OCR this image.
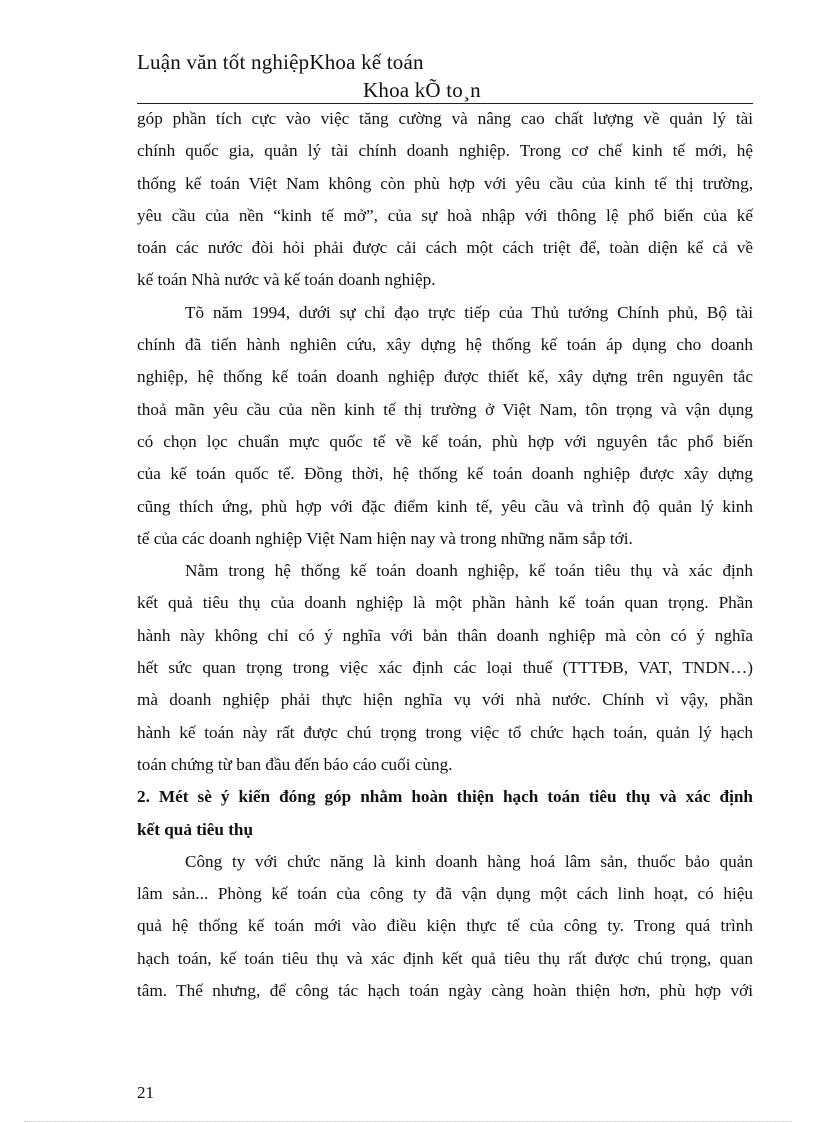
Luận văn tốt nghiệpKhoa kế toán
Khoa kÕ to¸n
góp phần tích cực vào việc tăng cường và nâng cao chất lượng về quản lý tài
chính quốc gia, quản lý tài chính doanh nghiệp. Trong cơ chế kinh tế mới, hệ
thống kế toán Việt Nam không còn phù hợp với yêu cầu của kinh tế thị trường,
yêu cầu của nền “kinh tế mở”, của sự hoà nhập với thông lệ phổ biến của kế
toán các nước đòi hỏi phải được cải cách một cách triệt để, toàn diện kể cả về
kế toán Nhà nước và kế toán doanh nghiệp.
Tõ năm 1994, dưới sự chỉ đạo trực tiếp của Thủ tướng Chính phủ, Bộ tài
chính đã tiến hành nghiên cứu, xây dựng hệ thống kế toán áp dụng cho doanh
nghiệp, hệ thống kế toán doanh nghiệp được thiết kế, xây dựng trên nguyên tắc
thoả mãn yêu cầu của nền kinh tế thị trường ở Việt Nam, tôn trọng và vận dụng
có chọn lọc chuẩn mực quốc tế về kế toán, phù hợp với nguyên tắc phổ biến
của kế toán quốc tế. Đồng thời, hệ thống kế toán doanh nghiệp được xây dựng
cũng thích ứng, phù hợp với đặc điểm kinh tế, yêu cầu và trình độ quản lý kinh
tế của các doanh nghiệp Việt Nam hiện nay và trong những năm sắp tới.
Nằm trong hệ thống kế toán doanh nghiệp, kế toán tiêu thụ và xác định
kết quả tiêu thụ của doanh nghiệp là một phần hành kế toán quan trọng. Phần
hành này không chỉ có ý nghĩa với bản thân doanh nghiệp mà còn có ý nghĩa
hết sức quan trọng trong việc xác định các loại thuế (TTTĐB, VAT, TNDN…)
mà doanh nghiệp phải thực hiện nghĩa vụ với nhà nước. Chính vì vậy, phần
hành kế toán này rất được chú trọng trong việc tổ chức hạch toán, quản lý hạch
toán chứng từ ban đầu đến báo cáo cuối cùng.
2. Mét sè ý kiến đóng góp nhằm hoàn thiện hạch toán tiêu thụ và xác định
kết quả tiêu thụ
Công ty với chức năng là kinh doanh hàng hoá lâm sản, thuốc bảo quản
lâm sản... Phòng kế toán của công ty đã vận dụng một cách linh hoạt, có hiệu
quả hệ thống kế toán mới vào điều kiện thực tế của công ty. Trong quá trình
hạch toán, kế toán tiêu thụ và xác định kết quả tiêu thụ rất được chú trọng, quan
tâm. Thế nhưng, để công tác hạch toán ngày càng hoàn thiện hơn, phù hợp với
21
